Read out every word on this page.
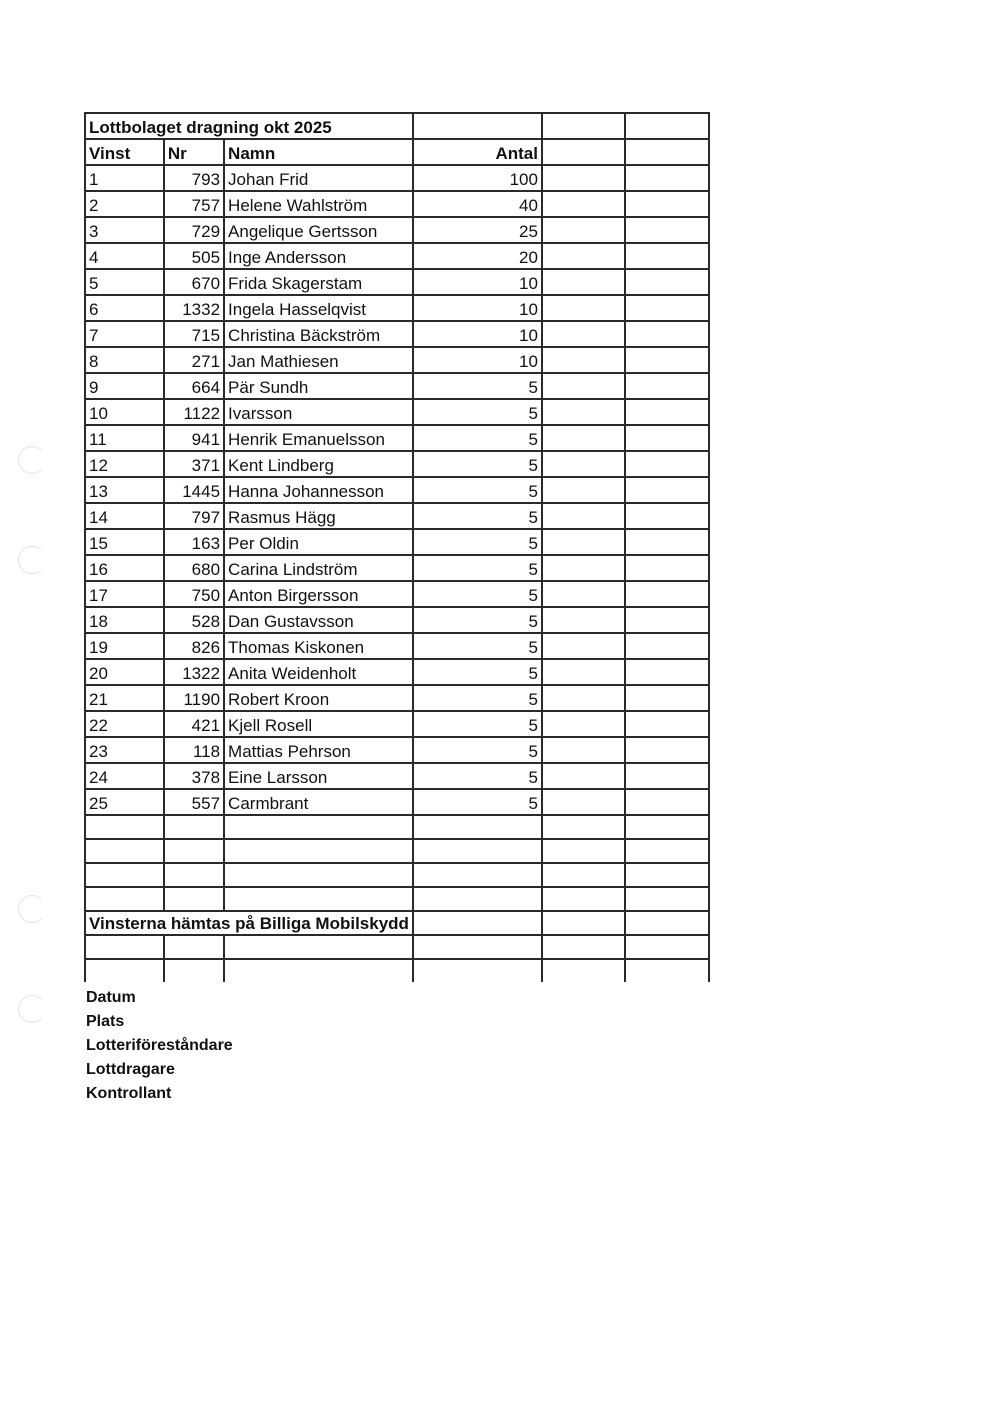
Lottbolaget dragning okt 2025					
Vinst	Nr	Namn	Antal		
1	793	Johan Frid	100		
2	757	Helene Wahlström	40		
3	729	Angelique Gertsson	25		
4	505	Inge Andersson	20		
5	670	Frida Skagerstam	10		
6	1332	Ingela Hasselqvist	10		
7	715	Christina Bäckström	10		
8	271	Jan Mathiesen	10		
9	664	Pär Sundh	5		
10	1122	Ivarsson	5		
11	941	Henrik Emanuelsson	5		
12	371	Kent Lindberg	5		
13	1445	Hanna Johannesson	5		
14	797	Rasmus Hägg	5		
15	163	Per Oldin	5		
16	680	Carina Lindström	5		
17	750	Anton Birgersson	5		
18	528	Dan Gustavsson	5		
19	826	Thomas Kiskonen	5		
20	1322	Anita Weidenholt	5		
21	1190	Robert Kroon	5		
22	421	Kjell Rosell	5		
23	118	Mattias Pehrson	5		
24	378	Eine Larsson	5		
25	557	Carmbrant	5		

Vinsterna hämtas på Billiga Mobilskydd					

Datum
Plats
Lotteriföreståndare
Lottdragare
Kontrollant
